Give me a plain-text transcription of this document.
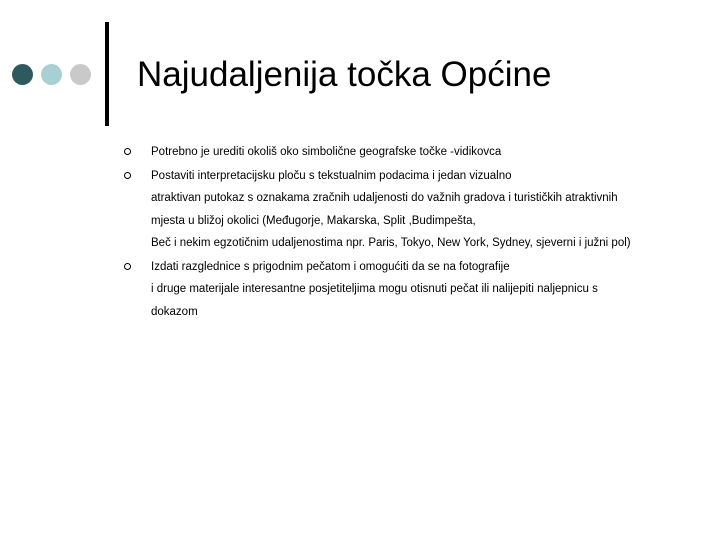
Najudaljenija točka Općine
Potrebno je urediti okoliš oko simbolične geografske točke -vidikovca
Postaviti interpretacijsku ploču s tekstualnim podacima i jedan vizualno
atraktivan putokaz s oznakama zračnih udaljenosti do važnih gradova i turističkih atraktivnih
mjesta u bližoj okolici (Međugorje, Makarska, Split ,Budimpešta,
Beč i nekim egzotičnim udaljenostima npr. Paris, Tokyo, New York, Sydney, sjeverni i južni pol)
Izdati razglednice s prigodnim pečatom i omogućiti da se na fotografije
i druge materijale interesantne posjetiteljima mogu otisnuti pečat ili nalijepiti naljepnicu s
dokazom
